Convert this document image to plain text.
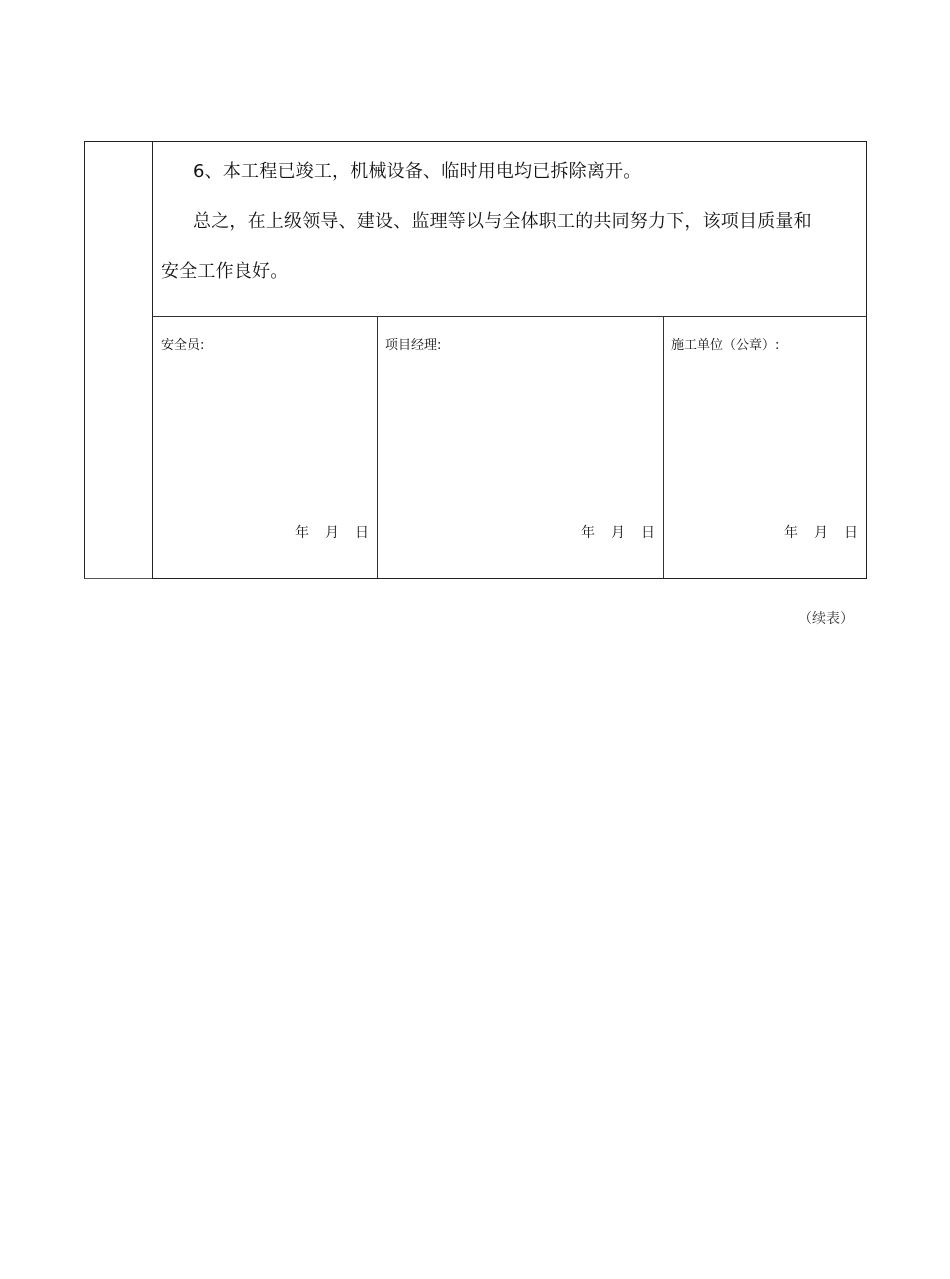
6、本工程已竣工，机械设备、临时用电均已拆除离开。
总之，在上级领导、建设、监理等以与全体职工的共同努力下，该项目质量和
安全工作良好。
安全员:
年 月 日
项目经理:
年 月 日
施工单位（公章）:
年 月 日
（续表）
